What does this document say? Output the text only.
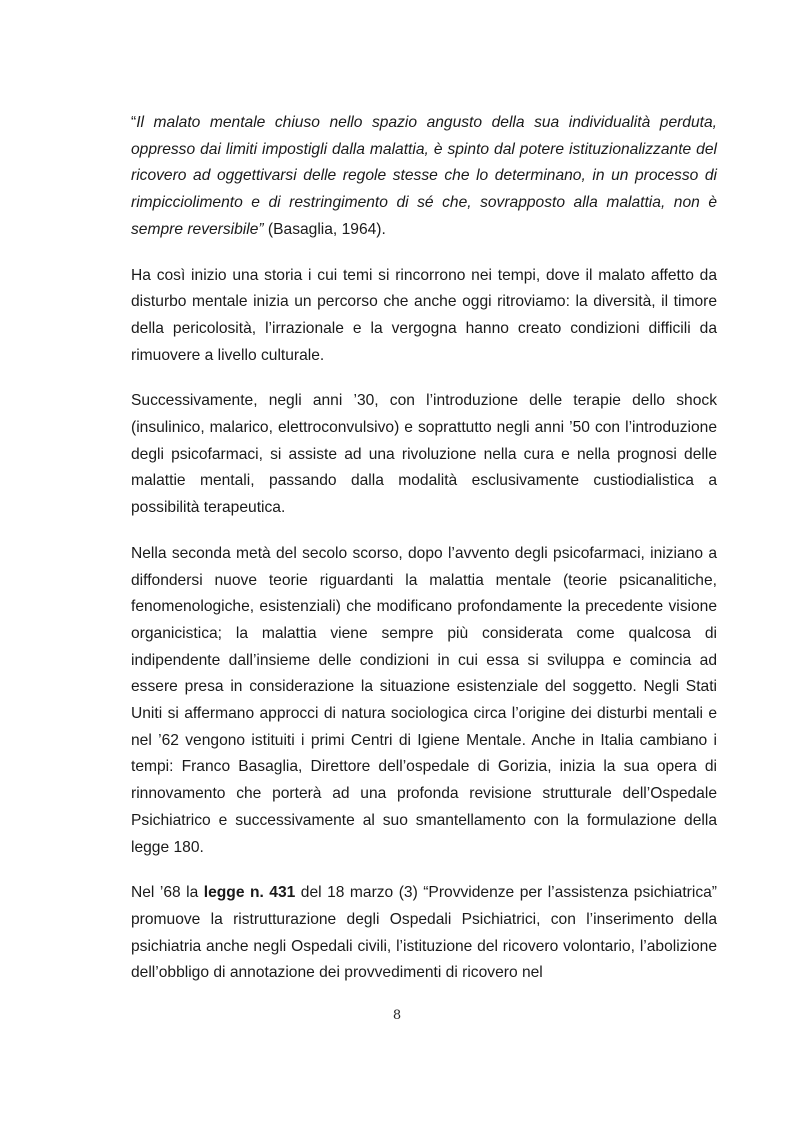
“Il malato mentale chiuso nello spazio angusto della sua individualità perduta, oppresso dai limiti impostigli dalla malattia, è spinto dal potere istituzionalizzante del ricovero ad oggettivarsi delle regole stesse che lo determinano, in un processo di rimpicciolimento e di restringimento di sé che, sovrapposto alla malattia, non è sempre reversibile” (Basaglia, 1964).

Ha così inizio una storia i cui temi si rincorrono nei tempi, dove il malato affetto da disturbo mentale inizia un percorso che anche oggi ritroviamo: la diversità, il timore della pericolosità, l’irrazionale e la vergogna hanno creato condizioni difficili da rimuovere a livello culturale.

Successivamente, negli anni ’30, con l’introduzione delle terapie dello shock (insulinico, malarico, elettroconvulsivo) e soprattutto negli anni ’50 con l’introduzione degli psicofarmaci, si assiste ad una rivoluzione nella cura e nella prognosi delle malattie mentali, passando dalla modalità esclusivamente custiodialistica a possibilità terapeutica.

Nella seconda metà del secolo scorso, dopo l’avvento degli psicofarmaci, iniziano a diffondersi nuove teorie riguardanti la malattia mentale (teorie psicanalitiche, fenomenologiche, esistenziali) che modificano profondamente la precedente visione organicistica; la malattia viene sempre più considerata come qualcosa di indipendente dall’insieme delle condizioni in cui essa si sviluppa e comincia ad essere presa in considerazione la situazione esistenziale del soggetto. Negli Stati Uniti si affermano approcci di natura sociologica circa l’origine dei disturbi mentali e nel ’62 vengono istituiti i primi Centri di Igiene Mentale. Anche in Italia cambiano i tempi: Franco Basaglia, Direttore dell’ospedale di Gorizia, inizia la sua opera di rinnovamento che porterà ad una profonda revisione strutturale dell’Ospedale Psichiatrico e successivamente al suo smantellamento con la formulazione della legge 180.

Nel ’68 la legge n. 431 del 18 marzo (3) “Provvidenze per l’assistenza psichiatrica” promuove la ristrutturazione degli Ospedali Psichiatrici, con l’inserimento della psichiatria anche negli Ospedali civili, l’istituzione del ricovero volontario, l’abolizione dell’obbligo di annotazione dei provvedimenti di ricovero nel

8
